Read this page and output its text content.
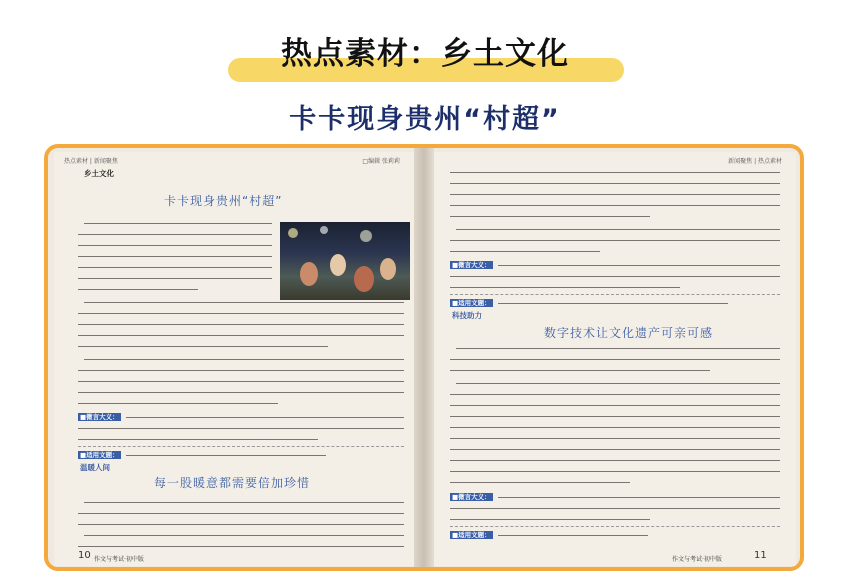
热点素材：乡土文化
卡卡现身贵州“村超”
热点素材 | 新闻聚焦	□编辑 张莉莉
乡土文化
卡卡现身贵州“村超”
■微言大义：
■适用文题：
温暖人间
每一股暖意都需要倍加珍惜
10 作文与考试·初中版
新闻聚焦 | 热点素材
■微言大义：
■适用文题：
科技助力
数字技术让文化遗产可亲可感
■微言大义：
■适用文题：
作文与考试·初中版	11
